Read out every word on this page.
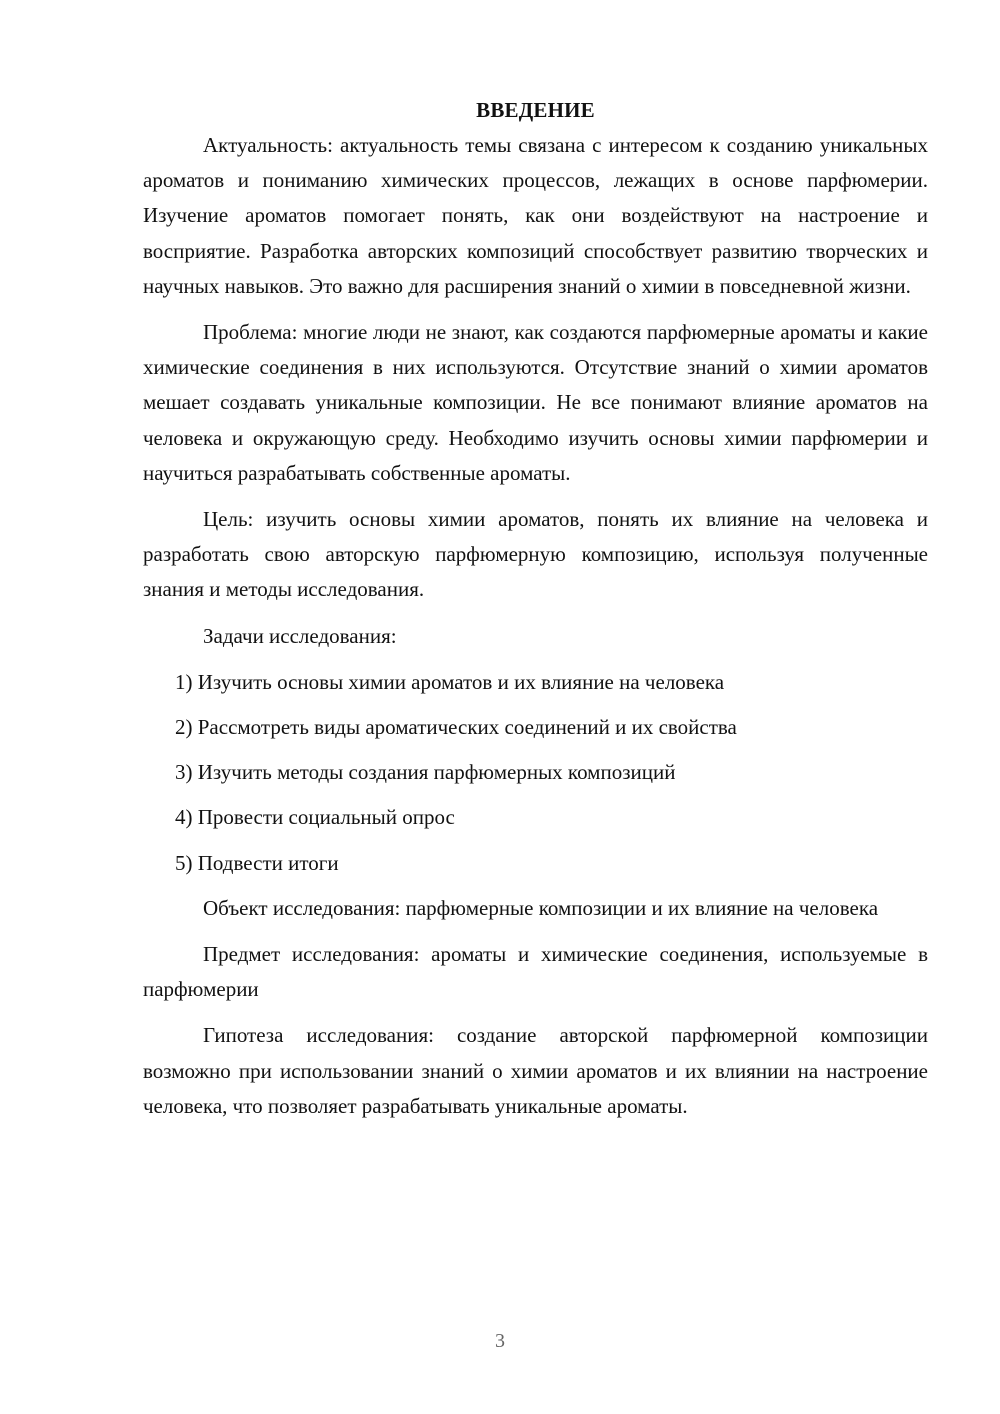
ВВЕДЕНИЕ

Актуальность: актуальность темы связана с интересом к созданию уникальных ароматов и пониманию химических процессов, лежащих в основе парфюмерии. Изучение ароматов помогает понять, как они воздействуют на настроение и восприятие. Разработка авторских композиций способствует развитию творческих и научных навыков. Это важно для расширения знаний о химии в повседневной жизни.

Проблема: многие люди не знают, как создаются парфюмерные ароматы и какие химические соединения в них используются. Отсутствие знаний о химии ароматов мешает создавать уникальные композиции. Не все понимают влияние ароматов на человека и окружающую среду. Необходимо изучить основы химии парфюмерии и научиться разрабатывать собственные ароматы.

Цель: изучить основы химии ароматов, понять их влияние на человека и разработать свою авторскую парфюмерную композицию, используя полученные знания и методы исследования.

Задачи исследования:
1) Изучить основы химии ароматов и их влияние на человека
2) Рассмотреть виды ароматических соединений и их свойства
3) Изучить методы создания парфюмерных композиций
4) Провести социальный опрос
5) Подвести итоги

Объект исследования: парфюмерные композиции и их влияние на человека

Предмет исследования: ароматы и химические соединения, используемые в парфюмерии

Гипотеза исследования: создание авторской парфюмерной композиции возможно при использовании знаний о химии ароматов и их влиянии на настроение человека, что позволяет разрабатывать уникальные ароматы.

3
